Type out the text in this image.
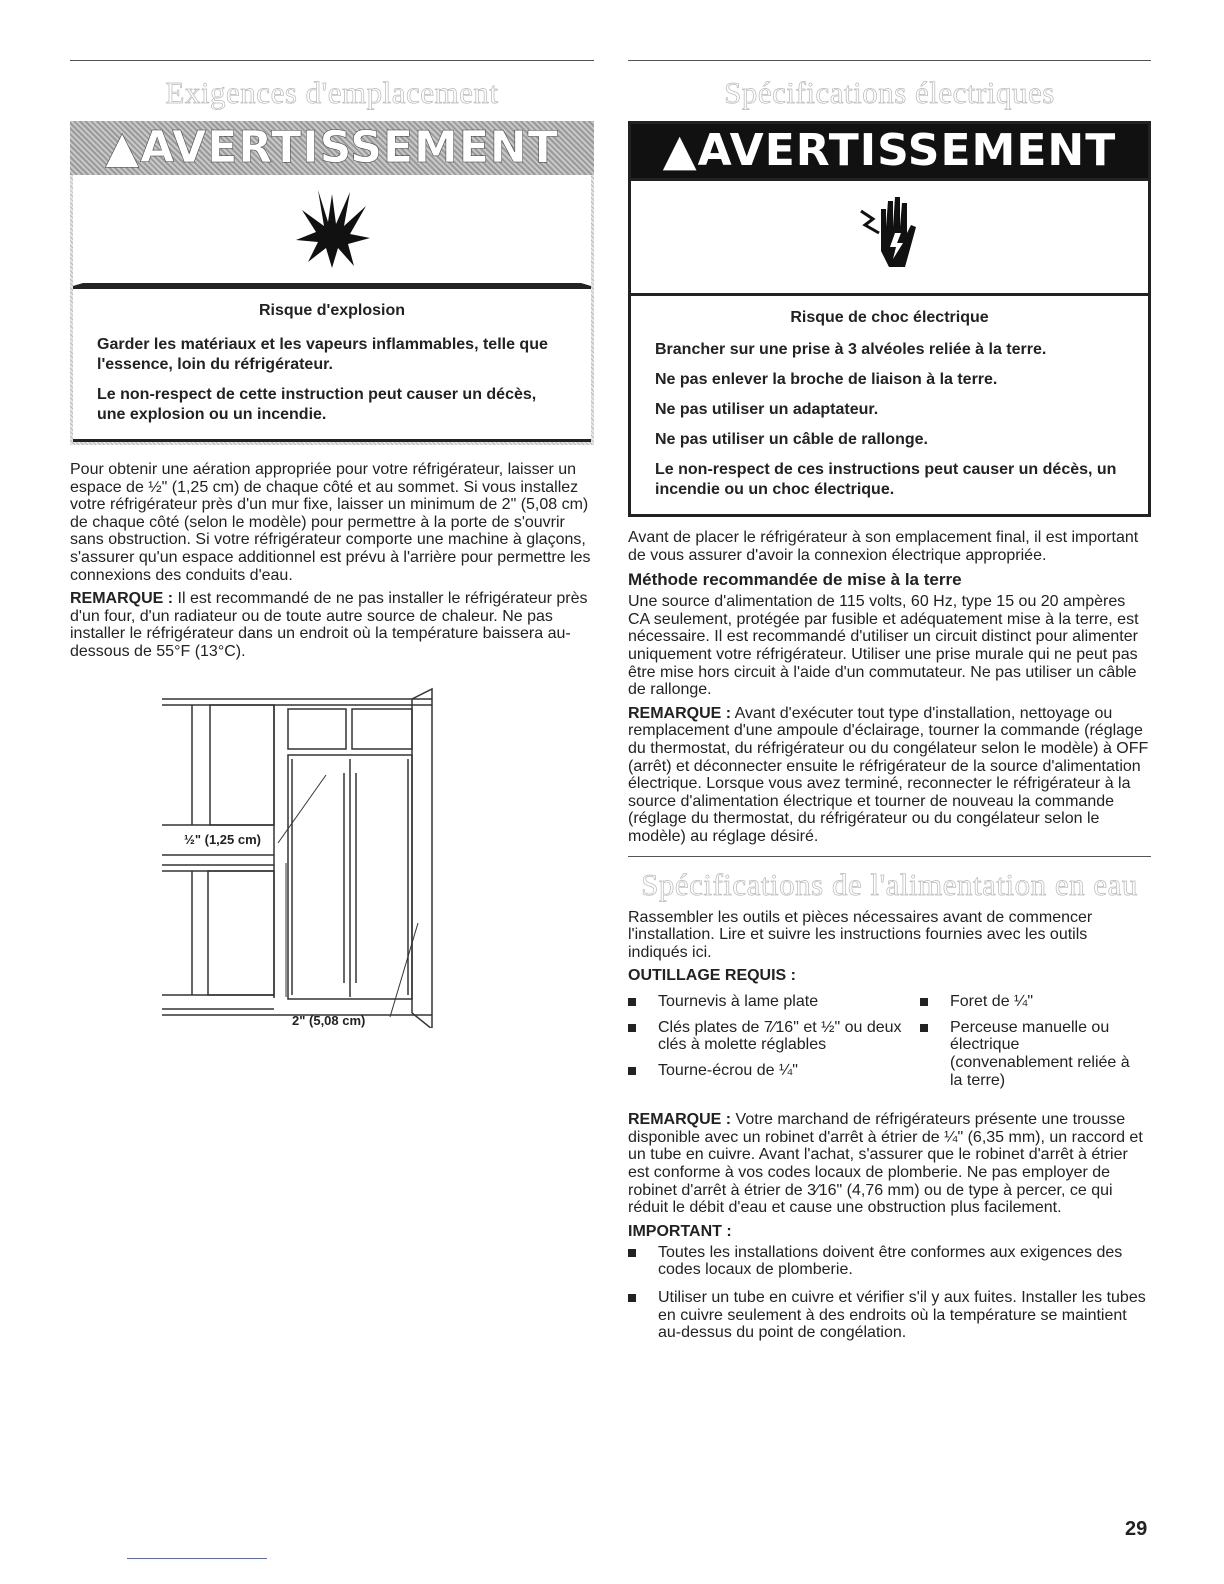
Exigences d'emplacement
▲AVERTISSEMENT
Risque d'explosion

Garder les matériaux et les vapeurs inflammables, telle que l'essence, loin du réfrigérateur.

Le non-respect de cette instruction peut causer un décès, une explosion ou un incendie.

Pour obtenir une aération appropriée pour votre réfrigérateur, laisser un espace de ½" (1,25 cm) de chaque côté et au sommet. Si vous installez votre réfrigérateur près d'un mur fixe, laisser un minimum de 2" (5,08 cm) de chaque côté (selon le modèle) pour permettre à la porte de s'ouvrir sans obstruction. Si votre réfrigérateur comporte une machine à glaçons, s'assurer qu'un espace additionnel est prévu à l'arrière pour permettre les connexions des conduits d'eau.

REMARQUE : Il est recommandé de ne pas installer le réfrigérateur près d'un four, d'un radiateur ou de toute autre source de chaleur. Ne pas installer le réfrigérateur dans un endroit où la température baissera au-dessous de 55°F (13°C).

½" (1,25 cm)
2" (5,08 cm)
Spécifications électriques
▲AVERTISSEMENT
Risque de choc électrique

Brancher sur une prise à 3 alvéoles reliée à la terre.

Ne pas enlever la broche de liaison à la terre.

Ne pas utiliser un adaptateur.

Ne pas utiliser un câble de rallonge.

Le non-respect de ces instructions peut causer un décès, un incendie ou un choc électrique.

Avant de placer le réfrigérateur à son emplacement final, il est important de vous assurer d'avoir la connexion électrique appropriée.

Méthode recommandée de mise à la terre

Une source d'alimentation de 115 volts, 60 Hz, type 15 ou 20 ampères CA seulement, protégée par fusible et adéquatement mise à la terre, est nécessaire. Il est recommandé d'utiliser un circuit distinct pour alimenter uniquement votre réfrigérateur. Utiliser une prise murale qui ne peut pas être mise hors circuit à l'aide d'un commutateur. Ne pas utiliser un câble de rallonge.

REMARQUE : Avant d'exécuter tout type d'installation, nettoyage ou remplacement d'une ampoule d'éclairage, tourner la commande (réglage du thermostat, du réfrigérateur ou du congélateur selon le modèle) à OFF (arrêt) et déconnecter ensuite le réfrigérateur de la source d'alimentation électrique. Lorsque vous avez terminé, reconnecter le réfrigérateur à la source d'alimentation électrique et tourner de nouveau la commande (réglage du thermostat, du réfrigérateur ou du congélateur selon le modèle) au réglage désiré.

Spécifications de l'alimentation en eau

Rassembler les outils et pièces nécessaires avant de commencer l'installation. Lire et suivre les instructions fournies avec les outils indiqués ici.

OUTILLAGE REQUIS :
Tournevis à lame plate
Clés plates de 7⁄16" et ½" ou deux clés à molette réglables
Tourne-écrou de ¼"
Foret de ¼"
Perceuse manuelle ou électrique (convenablement reliée à la terre)

REMARQUE : Votre marchand de réfrigérateurs présente une trousse disponible avec un robinet d'arrêt à étrier de ¼" (6,35 mm), un raccord et un tube en cuivre. Avant l'achat, s'assurer que le robinet d'arrêt à étrier est conforme à vos codes locaux de plomberie. Ne pas employer de robinet d'arrêt à étrier de 3⁄16" (4,76 mm) ou de type à percer, ce qui réduit le débit d'eau et cause une obstruction plus facilement.

IMPORTANT :
Toutes les installations doivent être conformes aux exigences des codes locaux de plomberie.
Utiliser un tube en cuivre et vérifier s'il y aux fuites. Installer les tubes en cuivre seulement à des endroits où la température se maintient au-dessus du point de congélation.
29
